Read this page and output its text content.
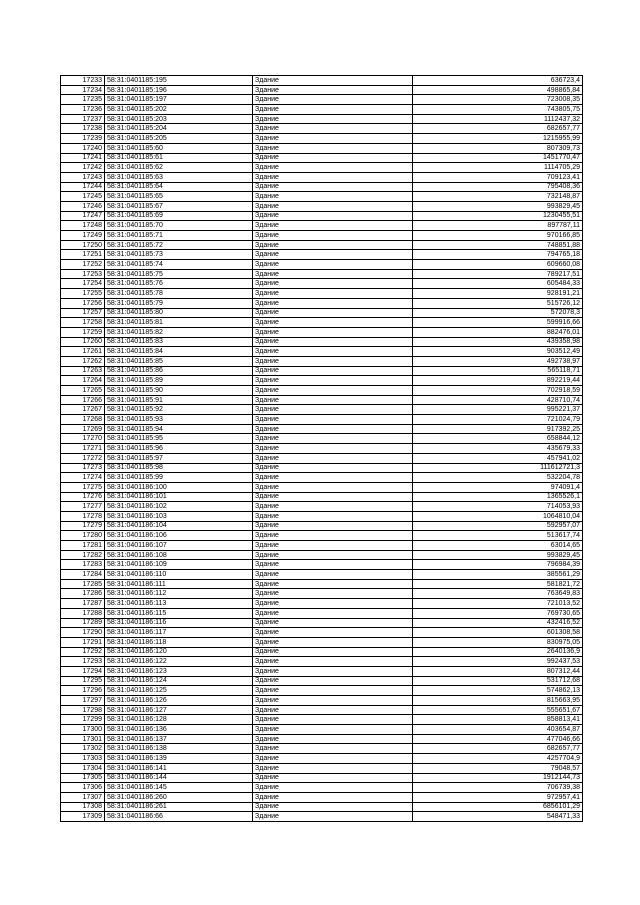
17233	58:31:0401185:195	Здание	636723,4
17234	58:31:0401185:196	Здание	498865,84
17235	58:31:0401185:197	Здание	723008,35
17236	58:31:0401185:202	Здание	743805,75
17237	58:31:0401185:203	Здание	1112437,32
17238	58:31:0401185:204	Здание	682657,77
17239	58:31:0401185:205	Здание	1215955,99
17240	58:31:0401185:60	Здание	807309,73
17241	58:31:0401185:61	Здание	1451770,47
17242	58:31:0401185:62	Здание	1114705,29
17243	58:31:0401185:63	Здание	709123,41
17244	58:31:0401185:64	Здание	795408,36
17245	58:31:0401185:65	Здание	732148,87
17246	58:31:0401185:67	Здание	993829,45
17247	58:31:0401185:69	Здание	1230455,51
17248	58:31:0401185:70	Здание	897787,11
17249	58:31:0401185:71	Здание	970166,85
17250	58:31:0401185:72	Здание	748851,88
17251	58:31:0401185:73	Здание	794765,18
17252	58:31:0401185:74	Здание	609660,08
17253	58:31:0401185:75	Здание	789217,51
17254	58:31:0401185:76	Здание	605484,33
17255	58:31:0401185:78	Здание	928191,21
17256	58:31:0401185:79	Здание	515726,12
17257	58:31:0401185:80	Здание	572078,3
17258	58:31:0401185:81	Здание	599916,66
17259	58:31:0401185:82	Здание	882476,01
17260	58:31:0401185:83	Здание	439358,98
17261	58:31:0401185:84	Здание	903512,49
17262	58:31:0401185:85	Здание	492738,97
17263	58:31:0401185:86	Здание	565118,71
17264	58:31:0401185:89	Здание	892219,44
17265	58:31:0401185:90	Здание	702918,59
17266	58:31:0401185:91	Здание	428710,74
17267	58:31:0401185:92	Здание	995221,37
17268	58:31:0401185:93	Здание	721024,79
17269	58:31:0401185:94	Здание	917392,25
17270	58:31:0401185:95	Здание	658844,12
17271	58:31:0401185:96	Здание	435679,33
17272	58:31:0401185:97	Здание	457941,02
17273	58:31:0401185:98	Здание	111612721,3
17274	58:31:0401185:99	Здание	532204,78
17275	58:31:0401186:100	Здание	974091,4
17276	58:31:0401186:101	Здание	1365526,1
17277	58:31:0401186:102	Здание	714053,93
17278	58:31:0401186:103	Здание	1064810,04
17279	58:31:0401186:104	Здание	592957,07
17280	58:31:0401186:106	Здание	513617,74
17281	58:31:0401186:107	Здание	63014,65
17282	58:31:0401186:108	Здание	993829,45
17283	58:31:0401186:109	Здание	796984,39
17284	58:31:0401186:110	Здание	385561,29
17285	58:31:0401186:111	Здание	581821,72
17286	58:31:0401186:112	Здание	763649,83
17287	58:31:0401186:113	Здание	721013,52
17288	58:31:0401186:115	Здание	769730,65
17289	58:31:0401186:116	Здание	432416,52
17290	58:31:0401186:117	Здание	601308,58
17291	58:31:0401186:118	Здание	830975,05
17292	58:31:0401186:120	Здание	2640136,9
17293	58:31:0401186:122	Здание	992437,53
17294	58:31:0401186:123	Здание	807312,44
17295	58:31:0401186:124	Здание	531712,68
17296	58:31:0401186:125	Здание	574862,13
17297	58:31:0401186:126	Здание	815663,95
17298	58:31:0401186:127	Здание	555651,67
17299	58:31:0401186:128	Здание	858813,41
17300	58:31:0401186:136	Здание	403654,87
17301	58:31:0401186:137	Здание	477046,66
17302	58:31:0401186:138	Здание	682657,77
17303	58:31:0401186:139	Здание	4257704,9
17304	58:31:0401186:141	Здание	79048,57
17305	58:31:0401186:144	Здание	1912144,73
17306	58:31:0401186:145	Здание	706739,38
17307	58:31:0401186:260	Здание	972957,41
17308	58:31:0401186:261	Здание	6856101,29
17309	58:31:0401186:66	Здание	548471,33
